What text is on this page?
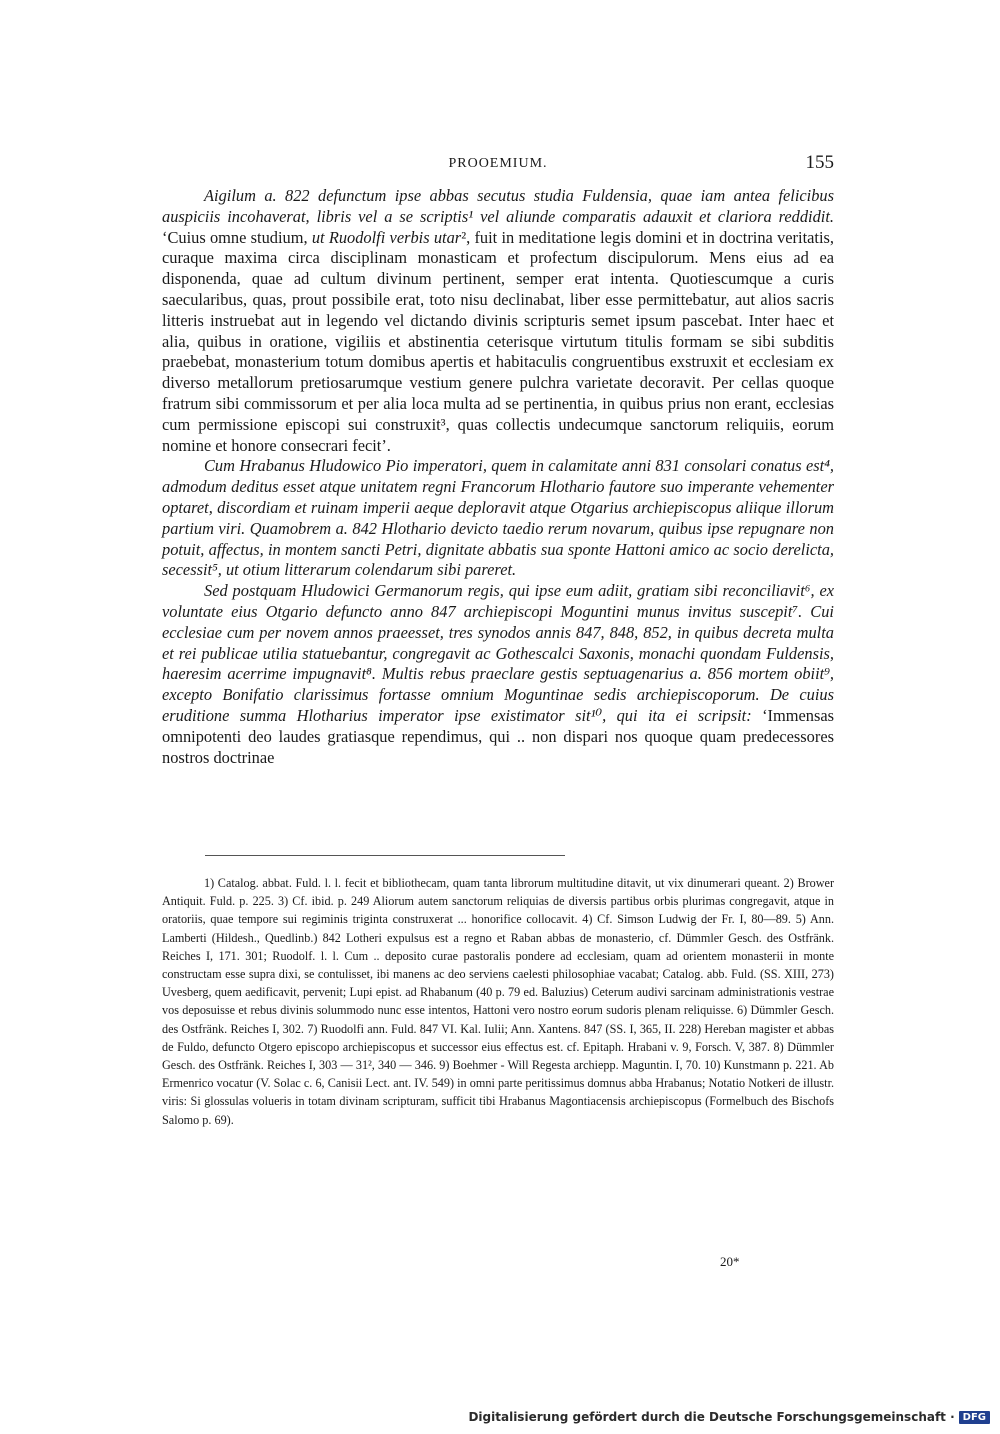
PROOEMIUM.	155

Aigilum a. 822 defunctum ipse abbas secutus studia Fuldensia, quae iam antea felicibus auspiciis incohaverat, libris vel a se scriptis¹ vel aliunde comparatis adauxit et clariora reddidit. ‘Cuius omne studium, ut Ruodolfi verbis utar², fuit in meditatione legis domini et in doctrina veritatis, curaque maxima circa disciplinam monasticam et profectum discipulorum. Mens eius ad ea disponenda, quae ad cultum divinum pertinent, semper erat intenta. Quotiescumque a curis saecularibus, quas, prout possibile erat, toto nisu declinabat, liber esse permittebatur, aut alios sacris litteris instruebat aut in legendo vel dictando divinis scripturis semet ipsum pascebat. Inter haec et alia, quibus in oratione, vigiliis et abstinentia ceterisque virtutum titulis formam se sibi subditis praebebat, monasterium totum domibus apertis et habitaculis congruentibus exstruxit et ecclesiam ex diverso metallorum pretiosarumque vestium genere pulchra varietate decoravit. Per cellas quoque fratrum sibi commissorum et per alia loca multa ad se pertinentia, in quibus prius non erant, ecclesias cum permissione episcopi sui construxit³, quas collectis undecumque sanctorum reliquiis, eorum nomine et honore consecrari fecit’.

Cum Hrabanus Hludowico Pio imperatori, quem in calamitate anni 831 consolari conatus est⁴, admodum deditus esset atque unitatem regni Francorum Hlothario fautore suo imperante vehementer optaret, discordiam et ruinam imperii aeque deploravit atque Otgarius archiepiscopus aliique illorum partium viri. Quamobrem a. 842 Hlothario devicto taedio rerum novarum, quibus ipse repugnare non potuit, affectus, in montem sancti Petri, dignitate abbatis sua sponte Hattoni amico ac socio derelicta, secessit⁵, ut otium litterarum colendarum sibi pareret.

Sed postquam Hludowici Germanorum regis, qui ipse eum adiit, gratiam sibi reconciliavit⁶, ex voluntate eius Otgario defuncto anno 847 archiepiscopi Moguntini munus invitus suscepit⁷. Cui ecclesiae cum per novem annos praeesset, tres synodos annis 847, 848, 852, in quibus decreta multa et rei publicae utilia statuebantur, congregavit ac Gothescalci Saxonis, monachi quondam Fuldensis, haeresim acerrime impugnavit⁸. Multis rebus praeclare gestis septuagenarius a. 856 mortem obiit⁹, excepto Bonifatio clarissimus fortasse omnium Moguntinae sedis archiepiscoporum. De cuius eruditione summa Hlotharius imperator ipse existimator sit¹⁰, qui ita ei scripsit: ‘Immensas omnipotenti deo laudes gratiasque rependimus, qui .. non dispari nos quoque quam predecessores nostros doctrinae

1) Catalog. abbat. Fuld. l. l. fecit et bibliothecam, quam tanta librorum multitudine ditavit, ut vix dinumerari queant. 2) Brower Antiquit. Fuld. p. 225. 3) Cf. ibid. p. 249 Aliorum autem sanctorum reliquias de diversis partibus orbis plurimas congregavit, atque in oratoriis, quae tempore sui regiminis triginta construxerat ... honorifice collocavit. 4) Cf. Simson Ludwig der Fr. I, 80—89. 5) Ann. Lamberti (Hildesh., Quedlinb.) 842 Lotheri expulsus est a regno et Raban abbas de monasterio, cf. Dümmler Gesch. des Ostfränk. Reiches I, 171. 301; Ruodolf. l. l. Cum .. deposito curae pastoralis pondere ad ecclesiam, quam ad orientem monasterii in monte constructam esse supra dixi, se contulisset, ibi manens ac deo serviens caelesti philosophiae vacabat; Catalog. abb. Fuld. (SS. XIII, 273) Uvesberg, quem aedificavit, pervenit; Lupi epist. ad Rhabanum (40 p. 79 ed. Baluzius) Ceterum audivi sarcinam administrationis vestrae vos deposuisse et rebus divinis solummodo nunc esse intentos, Hattoni vero nostro eorum sudoris plenam reliquisse. 6) Dümmler Gesch. des Ostfränk. Reiches I, 302. 7) Ruodolfi ann. Fuld. 847 VI. Kal. Iulii; Ann. Xantens. 847 (SS. I, 365, II. 228) Hereban magister et abbas de Fuldo, defuncto Otgero episcopo archiepiscopus et successor eius effectus est. cf. Epitaph. Hrabani v. 9, Forsch. V, 387. 8) Dümmler Gesch. des Ostfränk. Reiches I, 303 — 31², 340 — 346. 9) Boehmer - Will Regesta archiepp. Maguntin. I, 70. 10) Kunstmann p. 221. Ab Ermenrico vocatur (V. Solac c. 6, Canisii Lect. ant. IV. 549) in omni parte peritissimus domnus abba Hrabanus; Notatio Notkeri de illustr. viris: Si glossulas volueris in totam divinam scripturam, sufficit tibi Hrabanus Magontiacensis archiepiscopus (Formelbuch des Bischofs Salomo p. 69).

20*
Digitalisierung gefördert durch die Deutsche Forschungsgemeinschaft · DFG
